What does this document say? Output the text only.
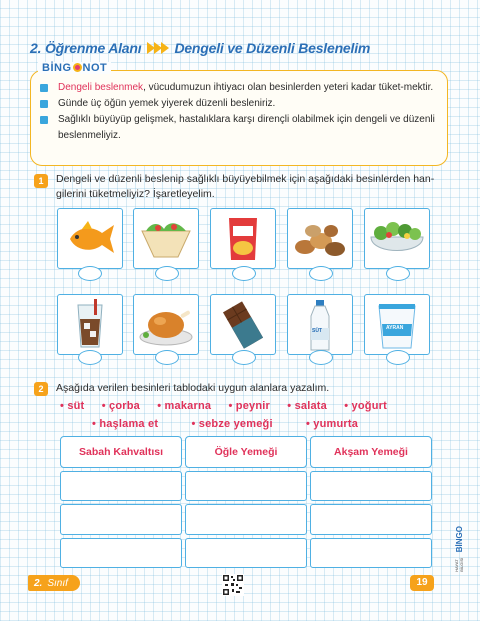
2. Öğrenme Alanı Dengeli ve Düzenli Beslenelim
BİNG NOT
Dengeli beslenmek, vücudumuzun ihtiyacı olan besinlerden yeteri kadar tüket-mektir.
Günde üç öğün yemek yiyerek düzenli besleniriz.
Sağlıklı büyüyüp gelişmek, hastalıklara karşı dirençli olabilmek için dengeli ve düzenli beslenmeliyiz.
1	Dengeli ve düzenli beslenip sağlıklı büyüyebilmek için aşağıdaki besinlerden han-gilerini tüketmeliyiz? İşaretleyelim.
SÜT	AYRAN
2	Aşağıda verilen besinleri tablodaki uygun alanlara yazalım.
• süt • çorba • makarna • peynir • salata • yoğurt
• haşlama et	• sebze yemeği	• yumurta
Sabah Kahvaltısı	Öğle Yemeği	Akşam Yemeği
BİNGO
HAYAT BİLGİSİ
2. Sınıf	19
